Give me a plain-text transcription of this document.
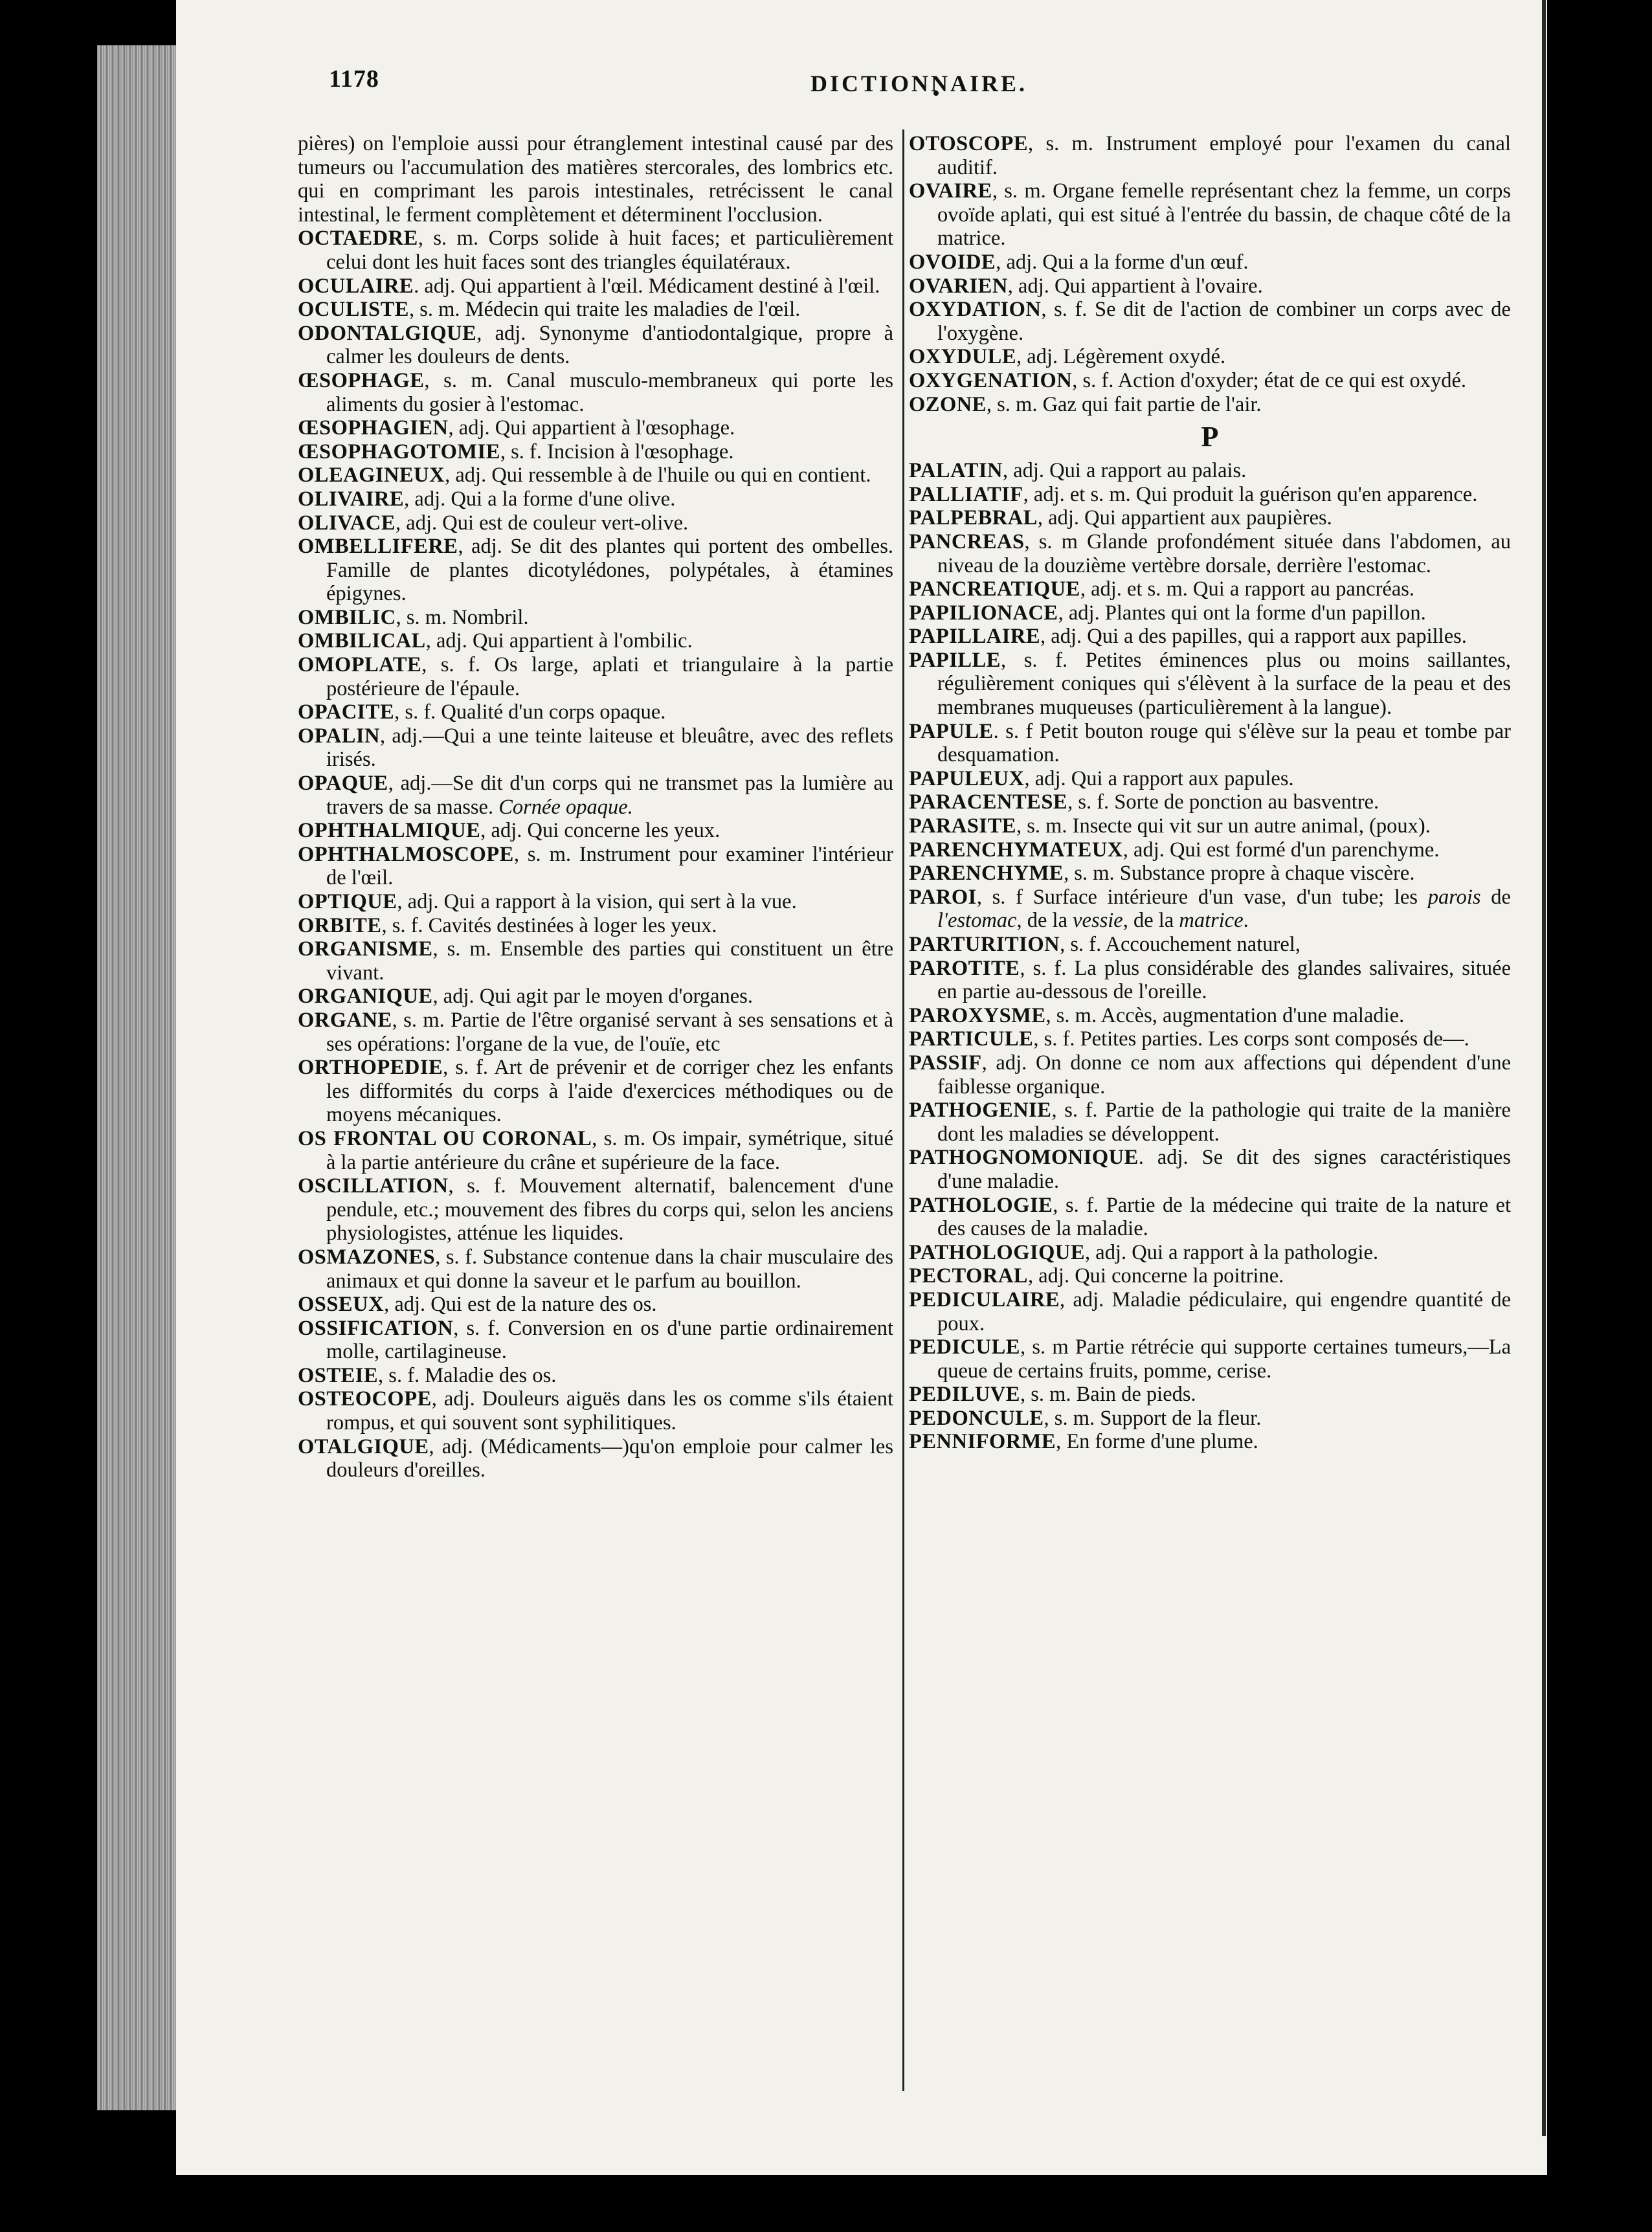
1178	DICTIONNAIRE.

pières) on l'emploie aussi pour étranglement intestinal causé par des tumeurs ou l'accumulation des matières stercorales, des lombrics etc. qui en comprimant les parois intestinales, retrécissent le canal intestinal, le ferment complètement et déterminent l'occlusion.

OCTAEDRE, s. m. Corps solide à huit faces; et particulièrement celui dont les huit faces sont des triangles équilatéraux.

OCULAIRE. adj. Qui appartient à l'œil. Médicament destiné à l'œil.

OCULISTE, s. m. Médecin qui traite les maladies de l'œil.

ODONTALGIQUE, adj. Synonyme d'antiodontalgique, propre à calmer les douleurs de dents.

ŒSOPHAGE, s. m. Canal musculo-membraneux qui porte les aliments du gosier à l'estomac.

ŒSOPHAGIEN, adj. Qui appartient à l'œsophage.

ŒSOPHAGOTOMIE, s. f. Incision à l'œsophage.

OLEAGINEUX, adj. Qui ressemble à de l'huile ou qui en contient.

OLIVAIRE, adj. Qui a la forme d'une olive.

OLIVACE, adj. Qui est de couleur vert-olive.

OMBELLIFERE, adj. Se dit des plantes qui portent des ombelles. Famille de plantes dicotylédones, polypétales, à étamines épigynes.

OMBILIC, s. m. Nombril.

OMBILICAL, adj. Qui appartient à l'ombilic.

OMOPLATE, s. f. Os large, aplati et triangulaire à la partie postérieure de l'épaule.

OPACITE, s. f. Qualité d'un corps opaque.

OPALIN, adj.—Qui a une teinte laiteuse et bleuâtre, avec des reflets irisés.

OPAQUE, adj.—Se dit d'un corps qui ne transmet pas la lumière au travers de sa masse. Cornée opaque.

OPHTHALMIQUE, adj. Qui concerne les yeux.

OPHTHALMOSCOPE, s. m. Instrument pour examiner l'intérieur de l'œil.

OPTIQUE, adj. Qui a rapport à la vision, qui sert à la vue.

ORBITE, s. f. Cavités destinées à loger les yeux.

ORGANISME, s. m. Ensemble des parties qui constituent un être vivant.

ORGANIQUE, adj. Qui agit par le moyen d'organes.

ORGANE, s. m. Partie de l'être organisé servant à ses sensations et à ses opérations: l'organe de la vue, de l'ouïe, etc

ORTHOPEDIE, s. f. Art de prévenir et de corriger chez les enfants les difformités du corps à l'aide d'exercices méthodiques ou de moyens mécaniques.

OS FRONTAL OU CORONAL, s. m. Os impair, symétrique, situé à la partie antérieure du crâne et supérieure de la face.

OSCILLATION, s. f. Mouvement alternatif, balencement d'une pendule, etc.; mouvement des fibres du corps qui, selon les anciens physiologistes, atténue les liquides.

OSMAZONES, s. f. Substance contenue dans la chair musculaire des animaux et qui donne la saveur et le parfum au bouillon.

OSSEUX, adj. Qui est de la nature des os.

OSSIFICATION, s. f. Conversion en os d'une partie ordinairement molle, cartilagineuse.

OSTEIE, s. f. Maladie des os.

OSTEOCOPE, adj. Douleurs aiguës dans les os comme s'ils étaient rompus, et qui souvent sont syphilitiques.

OTALGIQUE, adj. (Médicaments—)qu'on emploie pour calmer les douleurs d'oreilles.

OTOSCOPE, s. m. Instrument employé pour l'examen du canal auditif.

OVAIRE, s. m. Organe femelle représentant chez la femme, un corps ovoïde aplati, qui est situé à l'entrée du bassin, de chaque côté de la matrice.

OVOIDE, adj. Qui a la forme d'un œuf.

OVARIEN, adj. Qui appartient à l'ovaire.

OXYDATION, s. f. Se dit de l'action de combiner un corps avec de l'oxygène.

OXYDULE, adj. Légèrement oxydé.

OXYGENATION, s. f. Action d'oxyder; état de ce qui est oxydé.

OZONE, s. m. Gaz qui fait partie de l'air.

P

PALATIN, adj. Qui a rapport au palais.

PALLIATIF, adj. et s. m. Qui produit la guérison qu'en apparence.

PALPEBRAL, adj. Qui appartient aux paupières.

PANCREAS, s. m Glande profondément située dans l'abdomen, au niveau de la douzième vertèbre dorsale, derrière l'estomac.

PANCREATIQUE, adj. et s. m. Qui a rapport au pancréas.

PAPILIONACE, adj. Plantes qui ont la forme d'un papillon.

PAPILLAIRE, adj. Qui a des papilles, qui a rapport aux papilles.

PAPILLE, s. f. Petites éminences plus ou moins saillantes, régulièrement coniques qui s'élèvent à la surface de la peau et des membranes muqueuses (particulièrement à la langue).

PAPULE. s. f Petit bouton rouge qui s'élève sur la peau et tombe par desquamation.

PAPULEUX, adj. Qui a rapport aux papules.

PARACENTESE, s. f. Sorte de ponction au basventre.

PARASITE, s. m. Insecte qui vit sur un autre animal, (poux).

PARENCHYMATEUX, adj. Qui est formé d'un parenchyme.

PARENCHYME, s. m. Substance propre à chaque viscère.

PAROI, s. f Surface intérieure d'un vase, d'un tube; les parois de l'estomac, de la vessie, de la matrice.

PARTURITION, s. f. Accouchement naturel,

PAROTITE, s. f. La plus considérable des glandes salivaires, située en partie au-dessous de l'oreille.

PAROXYSME, s. m. Accès, augmentation d'une maladie.

PARTICULE, s. f. Petites parties. Les corps sont composés de—.

PASSIF, adj. On donne ce nom aux affections qui dépendent d'une faiblesse organique.

PATHOGENIE, s. f. Partie de la pathologie qui traite de la manière dont les maladies se développent.

PATHOGNOMONIQUE. adj. Se dit des signes caractéristiques d'une maladie.

PATHOLOGIE, s. f. Partie de la médecine qui traite de la nature et des causes de la maladie.

PATHOLOGIQUE, adj. Qui a rapport à la pathologie.

PECTORAL, adj. Qui concerne la poitrine.

PEDICULAIRE, adj. Maladie pédiculaire, qui engendre quantité de poux.

PEDICULE, s. m Partie rétrécie qui supporte certaines tumeurs,—La queue de certains fruits, pomme, cerise.

PEDILUVE, s. m. Bain de pieds.

PEDONCULE, s. m. Support de la fleur.

PENNIFORME, En forme d'une plume.
